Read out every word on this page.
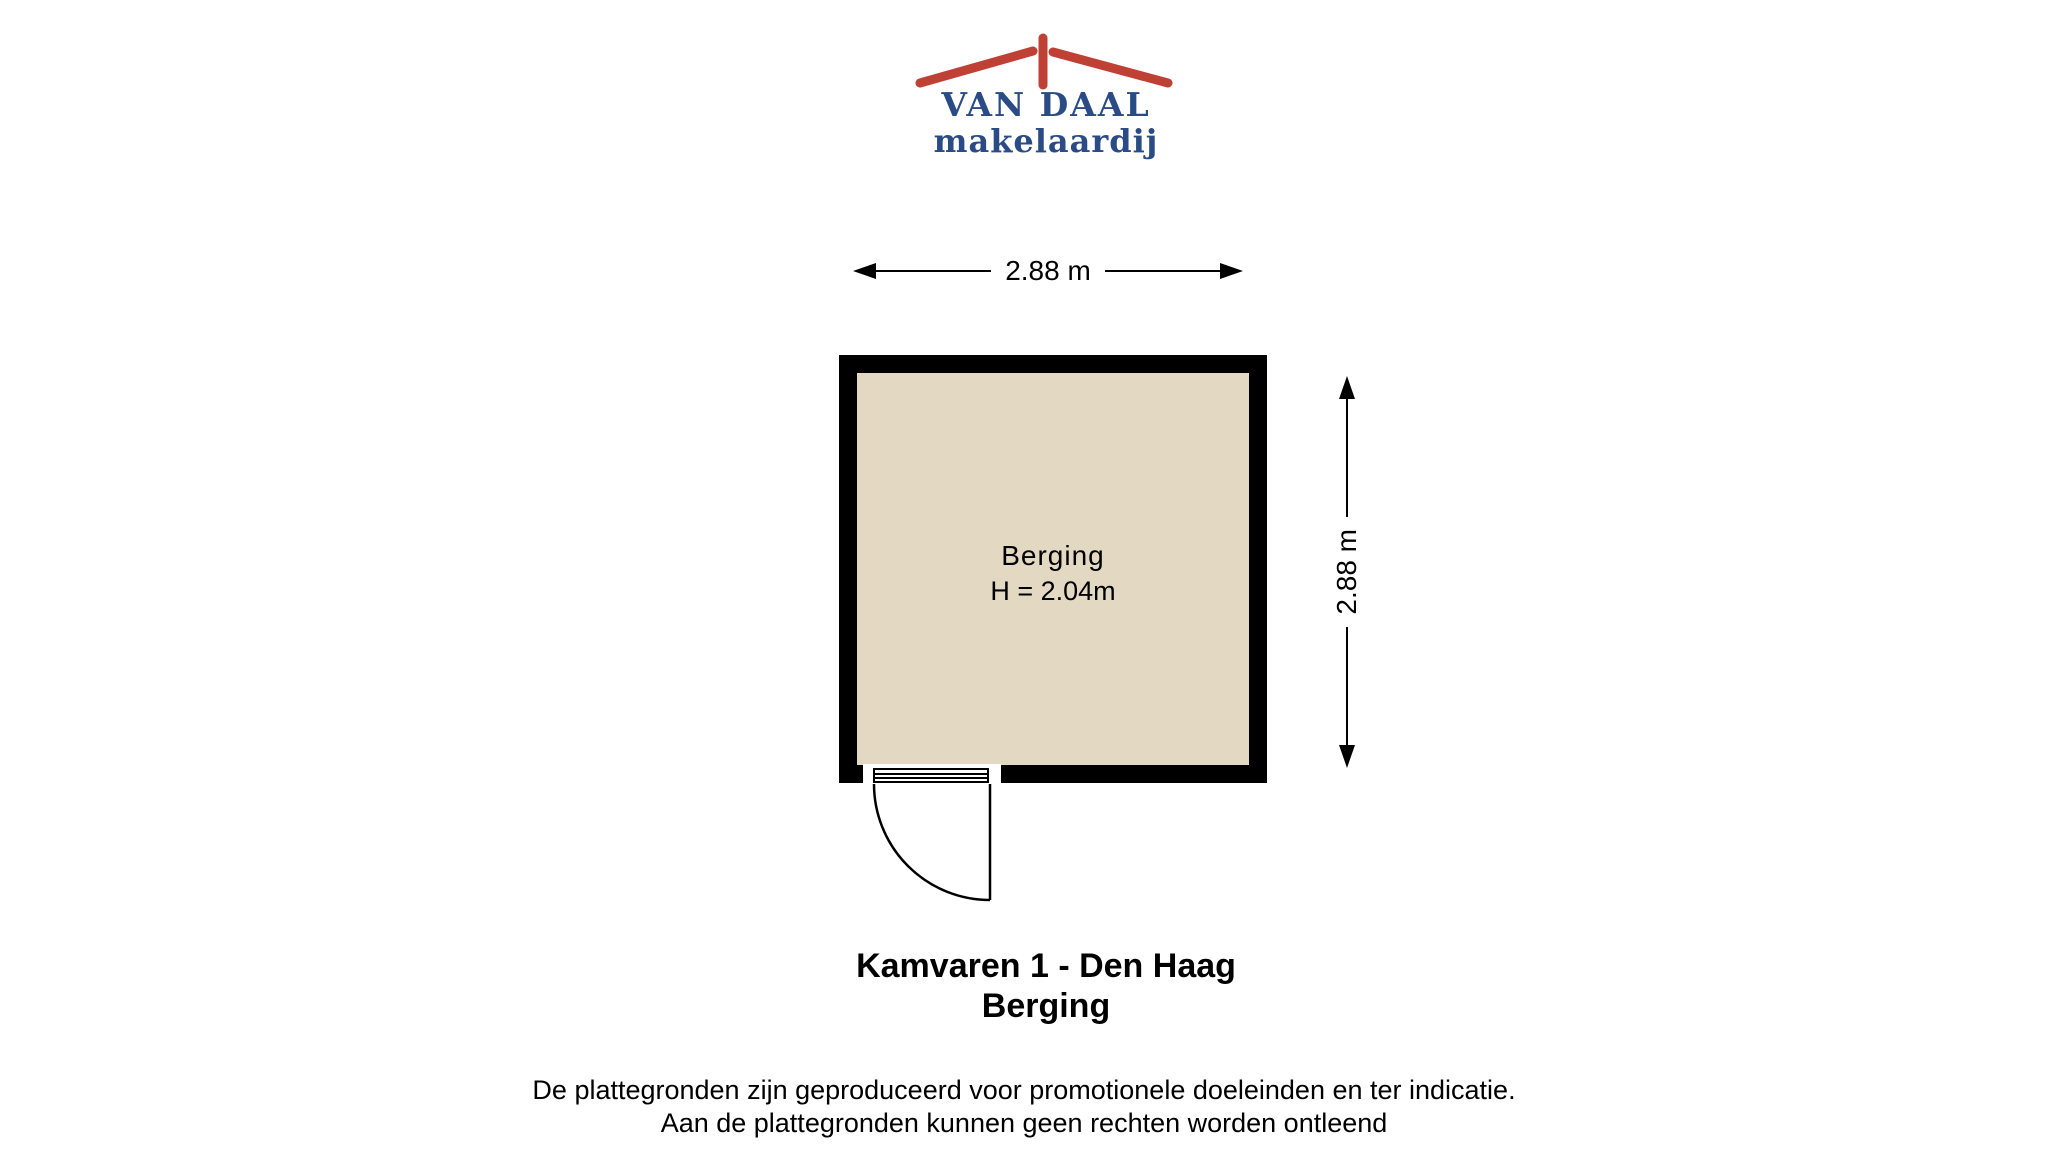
VAN DAAL
makelaardij
2.88 m
Berging
H = 2.04m	2.88 m
Kamvaren 1 - Den Haag
Berging
De plattegronden zijn geproduceerd voor promotionele doeleinden en ter indicatie.
Aan de plattegronden kunnen geen rechten worden ontleend
